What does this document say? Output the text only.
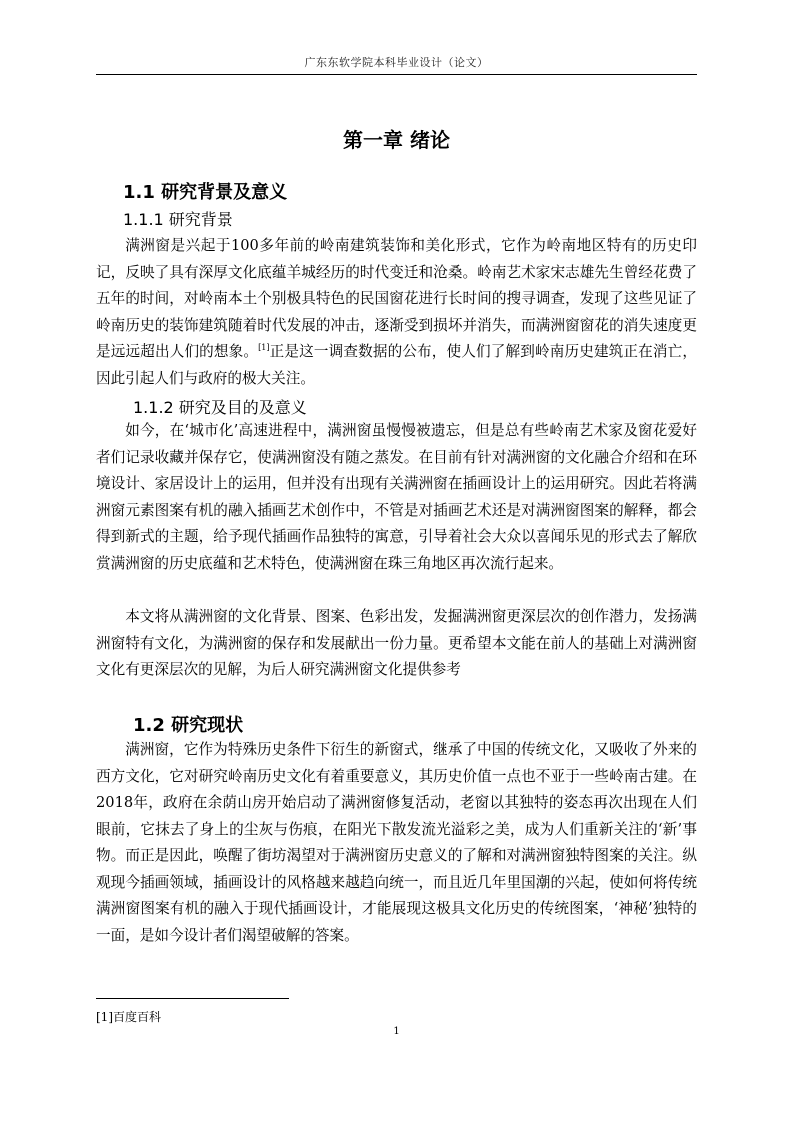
广东东软学院本科毕业设计（论文）
第一章 绪论
1.1 研究背景及意义
1.1.1 研究背景

满洲窗是兴起于100多年前的岭南建筑装饰和美化形式，它作为岭南地区特有的历史印记，反映了具有深厚文化底蕴羊城经历的时代变迁和沧桑。岭南艺术家宋志雄先生曾经花费了五年的时间，对岭南本土个别极具特色的民国窗花进行长时间的搜寻调查，发现了这些见证了岭南历史的装饰建筑随着时代发展的冲击，逐渐受到损坏并消失，而满洲窗窗花的消失速度更是远远超出人们的想象。[1]正是这一调查数据的公布，使人们了解到岭南历史建筑正在消亡，因此引起人们与政府的极大关注。

1.1.2 研究及目的及意义

如今，在‘城市化’高速进程中，满洲窗虽慢慢被遗忘，但是总有些岭南艺术家及窗花爱好者们记录收藏并保存它，使满洲窗没有随之蒸发。在目前有针对满洲窗的文化融合介绍和在环境设计、家居设计上的运用，但并没有出现有关满洲窗在插画设计上的运用研究。因此若将满洲窗元素图案有机的融入插画艺术创作中，不管是对插画艺术还是对满洲窗图案的解释，都会得到新式的主题，给予现代插画作品独特的寓意，引导着社会大众以喜闻乐见的形式去了解欣赏满洲窗的历史底蕴和艺术特色，使满洲窗在珠三角地区再次流行起来。

本文将从满洲窗的文化背景、图案、色彩出发，发掘满洲窗更深层次的创作潜力，发扬满洲窗特有文化，为满洲窗的保存和发展献出一份力量。更希望本文能在前人的基础上对满洲窗文化有更深层次的见解，为后人研究满洲窗文化提供参考

1.2 研究现状

满洲窗，它作为特殊历史条件下衍生的新窗式，继承了中国的传统文化，又吸收了外来的西方文化，它对研究岭南历史文化有着重要意义，其历史价值一点也不亚于一些岭南古建。在2018年，政府在余荫山房开始启动了满洲窗修复活动，老窗以其独特的姿态再次出现在人们眼前，它抹去了身上的尘灰与伤痕，在阳光下散发流光溢彩之美，成为人们重新关注的‘新’事物。而正是因此，唤醒了街坊渴望对于满洲窗历史意义的了解和对满洲窗独特图案的关注。纵观现今插画领域，插画设计的风格越来越趋向统一，而且近几年里国潮的兴起，使如何将传统满洲窗图案有机的融入于现代插画设计，才能展现这极具文化历史的传统图案，‘神秘’独特的一面，是如今设计者们渴望破解的答案。

[1]百度百科
1
